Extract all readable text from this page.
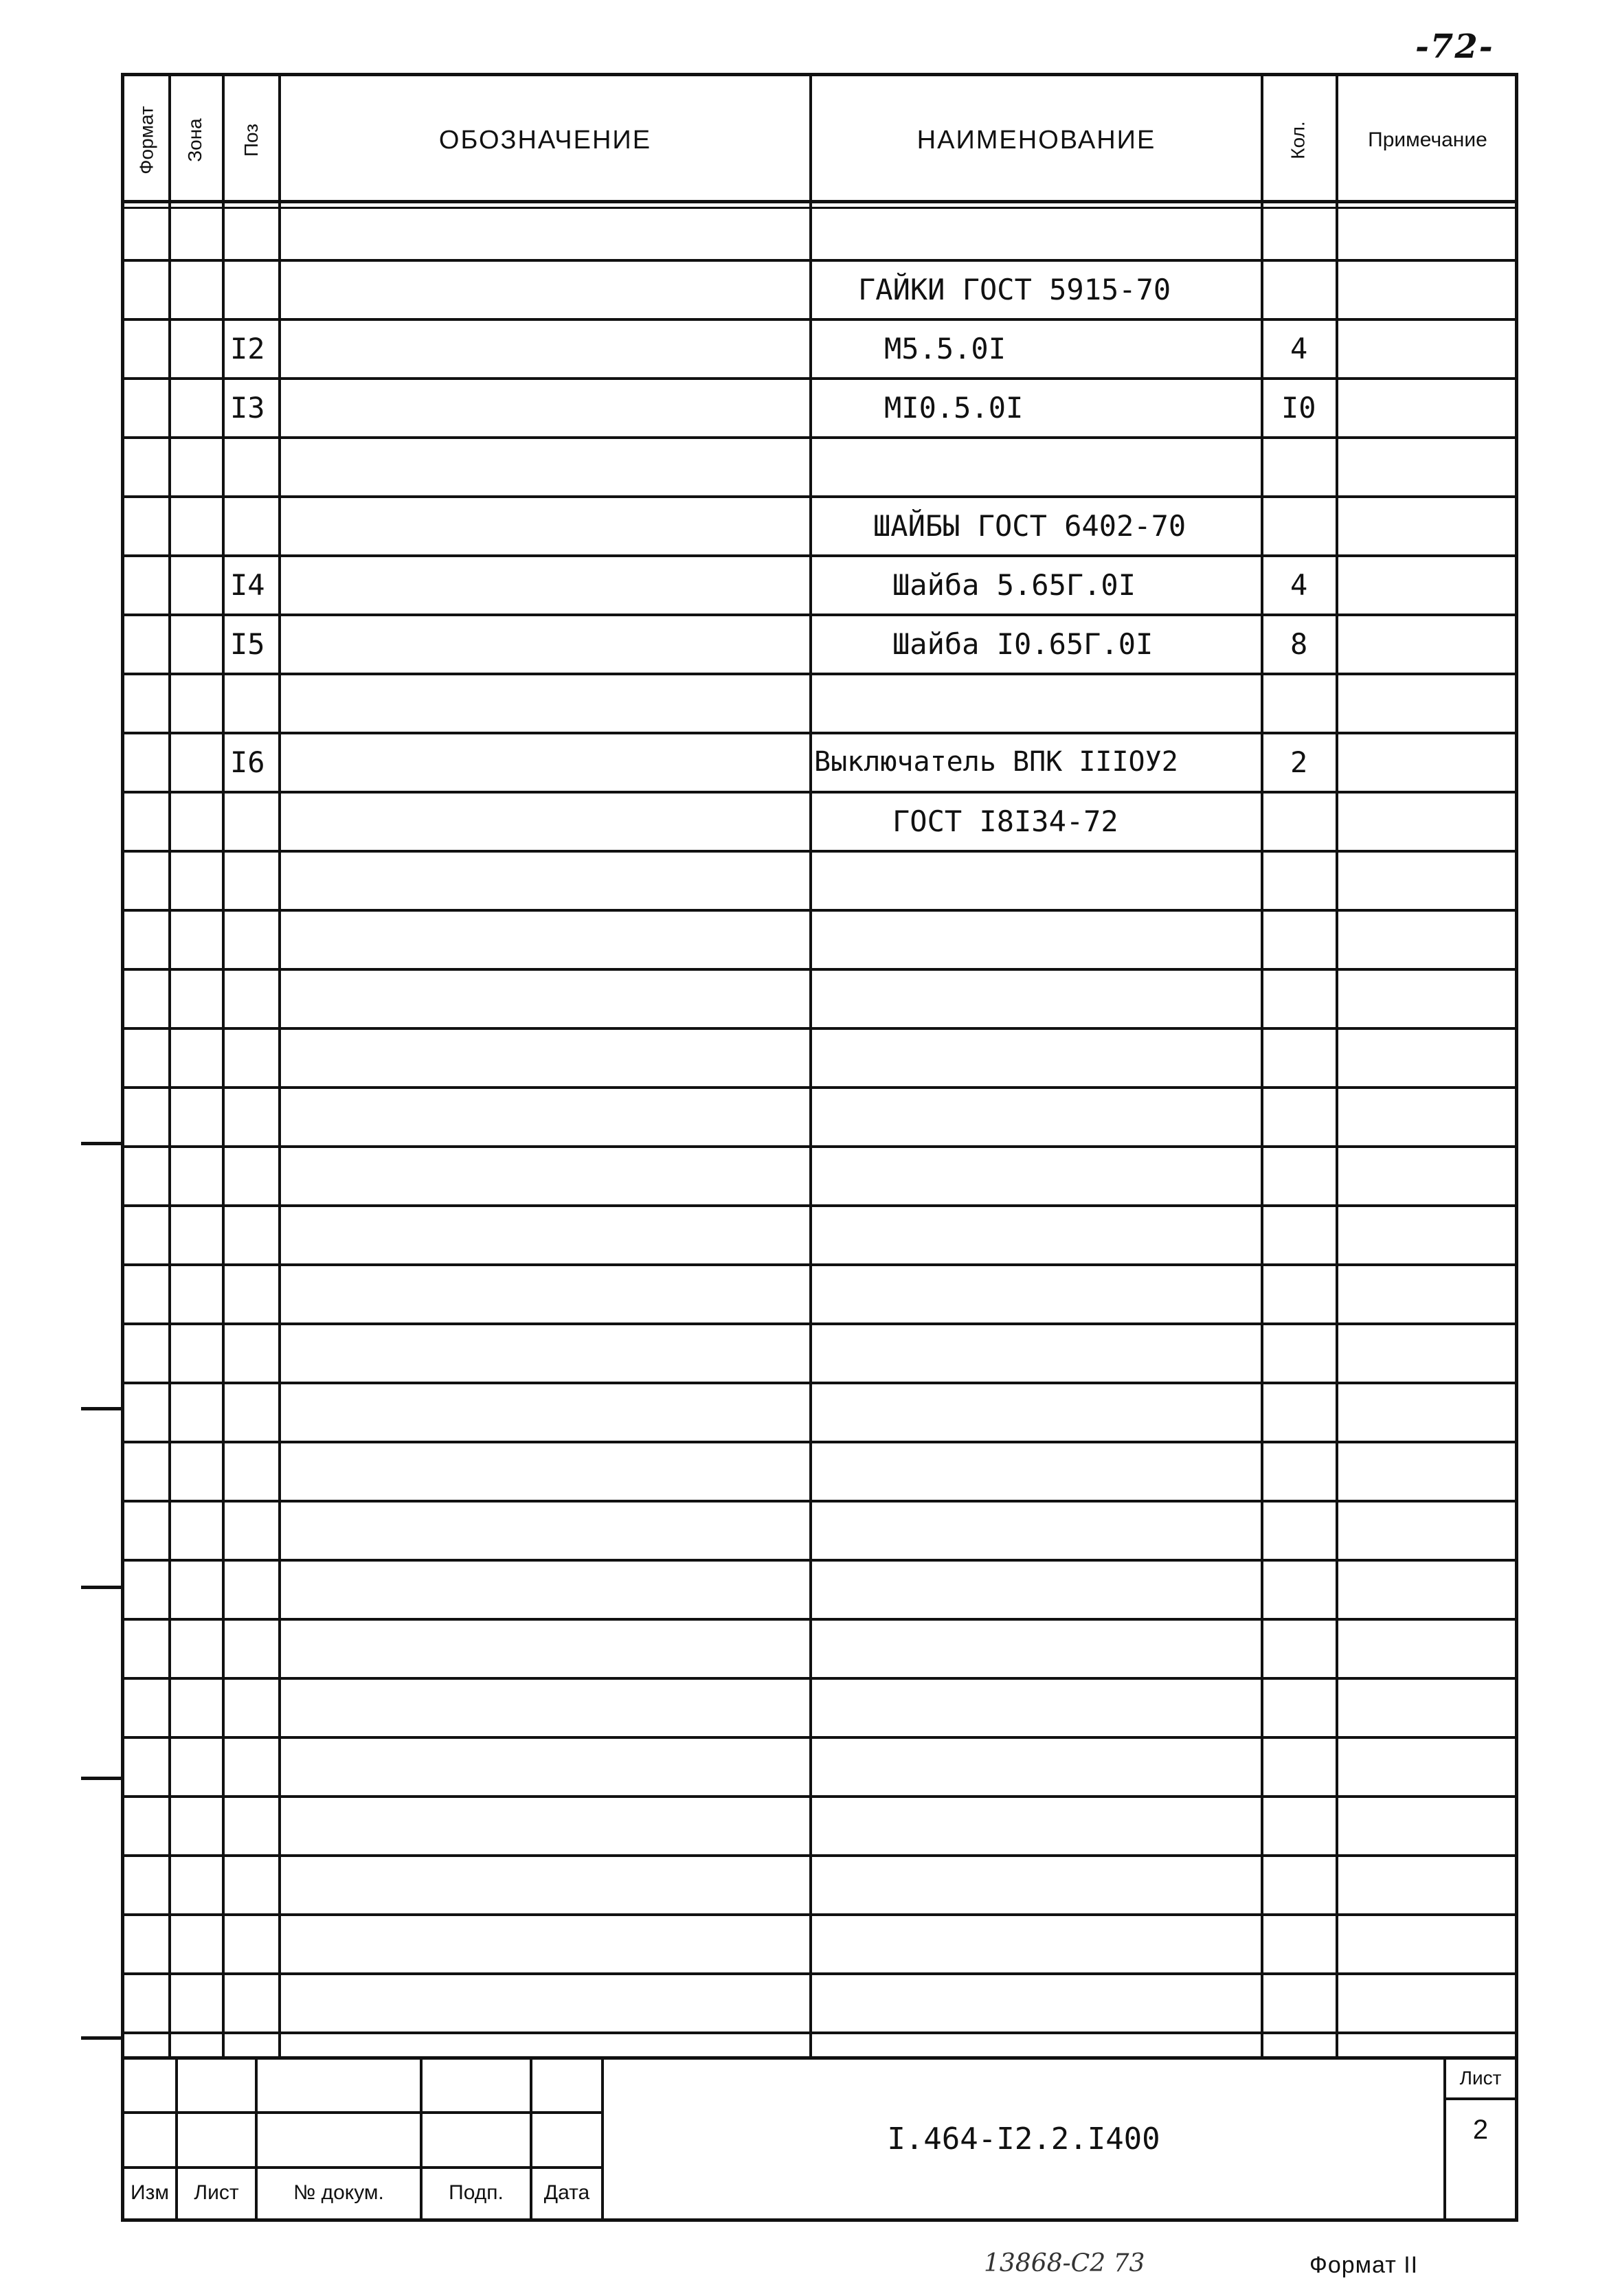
-72-
Формат Зона Поз	ОБОЗНАЧЕНИЕ	НАИМЕНОВАНИЕ	Кол.	Примечание
ГАЙКИ ГОСТ 5915-70
I2	М5.5.0I	4
I3	МI0.5.0I	I0
ШАЙБЫ ГОСТ 6402-70
I4	Шайба 5.65Г.0I	4
I5	Шайба I0.65Г.0I	8
I6	Выключатель ВПК IIIOУ2	2
ГОСТ I8I34-72
Изм	Лист	№ докум.	Подп.	Дата
I.464-I2.2.I400
Лист
2
13868-С2 73	Формат II
